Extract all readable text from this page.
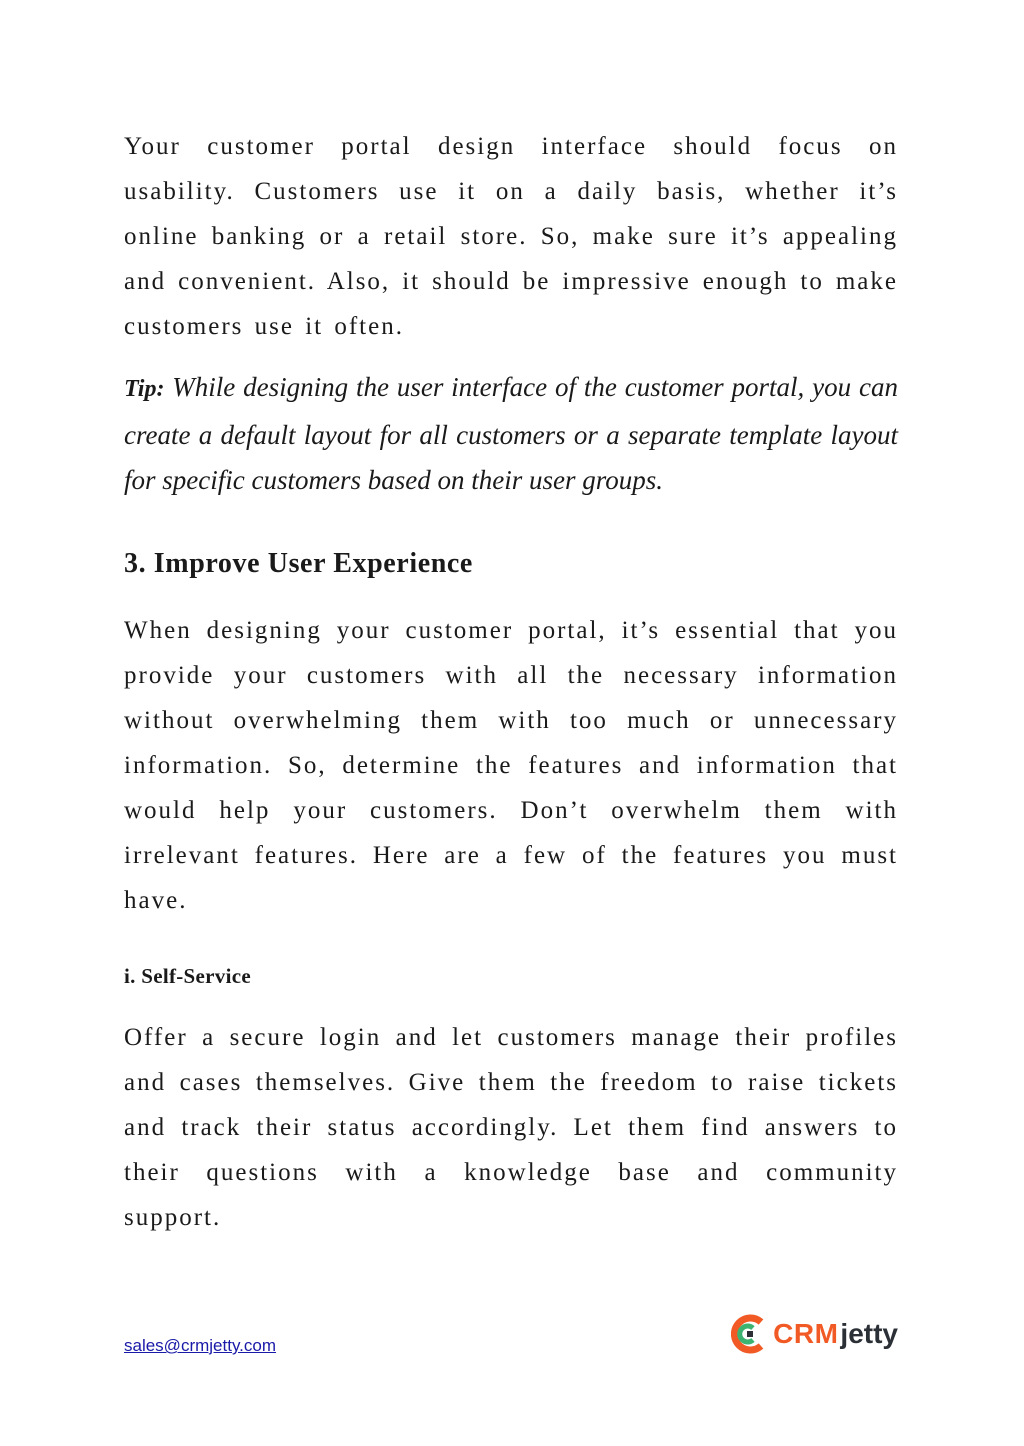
Your customer portal design interface should focus on usability. Customers use it on a daily basis, whether it’s online banking or a retail store. So, make sure it’s appealing and convenient. Also, it should be impressive enough to make customers use it often.

Tip: While designing the user interface of the customer portal, you can create a default layout for all customers or a separate template layout for specific customers based on their user groups.

3. Improve User Experience

When designing your customer portal, it’s essential that you provide your customers with all the necessary information without overwhelming them with too much or unnecessary information. So, determine the features and information that would help your customers. Don’t overwhelm them with irrelevant features. Here are a few of the features you must have.

i. Self-Service

Offer a secure login and let customers manage their profiles and cases themselves. Give them the freedom to raise tickets and track their status accordingly. Let them find answers to their questions with a knowledge base and community support.

sales@crmjetty.com	CRM jetty
